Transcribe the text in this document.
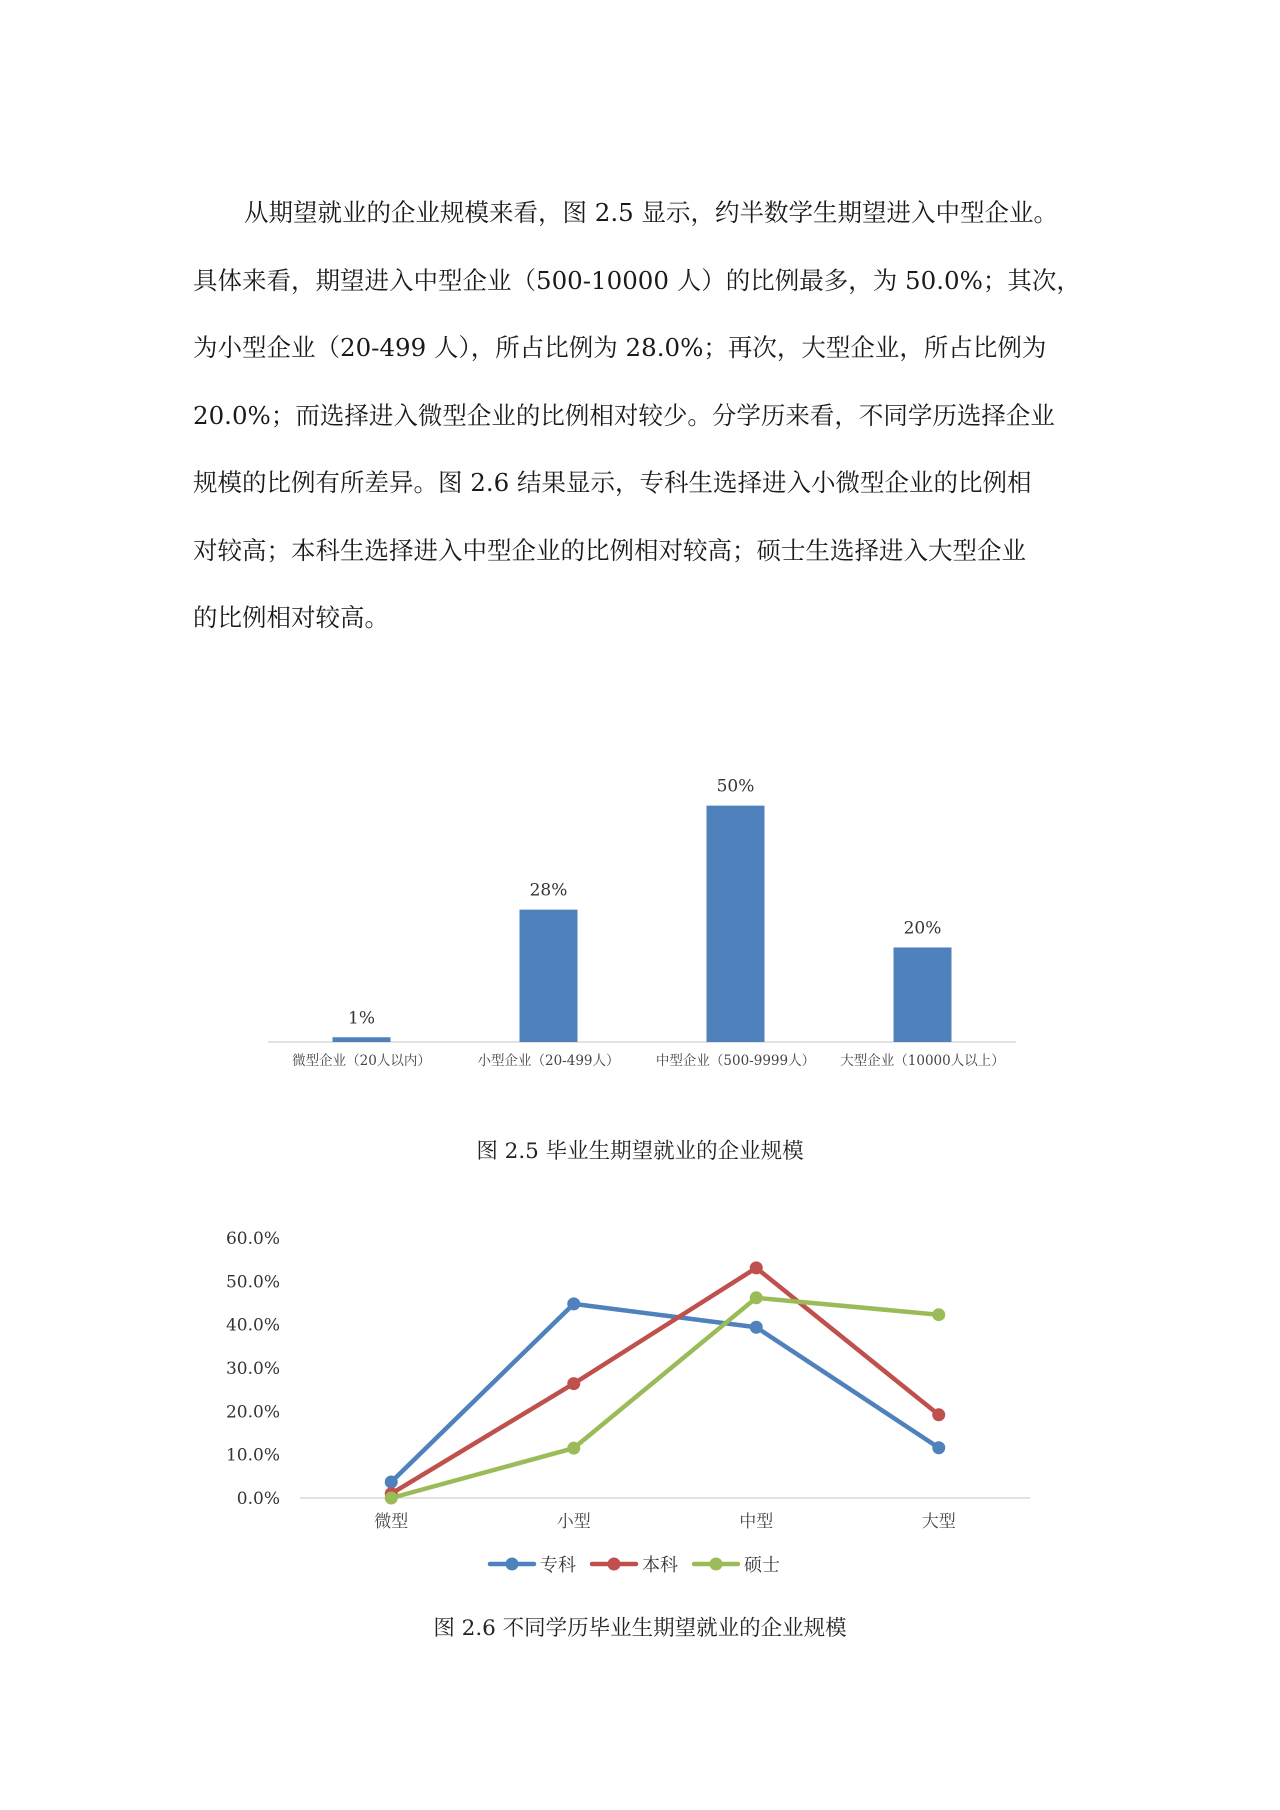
从期望就业的企业规模来看，图 2.5 显示，约半数学生期望进入中型企业。
具体来看，期望进入中型企业（500-10000 人）的比例最多，为 50.0%；其次，
为小型企业（20-499 人），所占比例为 28.0%；再次，大型企业，所占比例为
20.0%；而选择进入微型企业的比例相对较少。分学历来看，不同学历选择企业
规模的比例有所差异。图 2.6 结果显示，专科生选择进入小微型企业的比例相
对较高；本科生选择进入中型企业的比例相对较高；硕士生选择进入大型企业
的比例相对较高。
1%
微型企业（20人以内）
28%
小型企业（20-499人）
50%
中型企业（500-9999人）
20%
大型企业（10000人以上）
0.0%
10.0%
20.0%
30.0%
40.0%
50.0%
60.0%
微型	小型	中型	大型
专科	本科	硕士
图 2.5 毕业生期望就业的企业规模
图 2.6 不同学历毕业生期望就业的企业规模
